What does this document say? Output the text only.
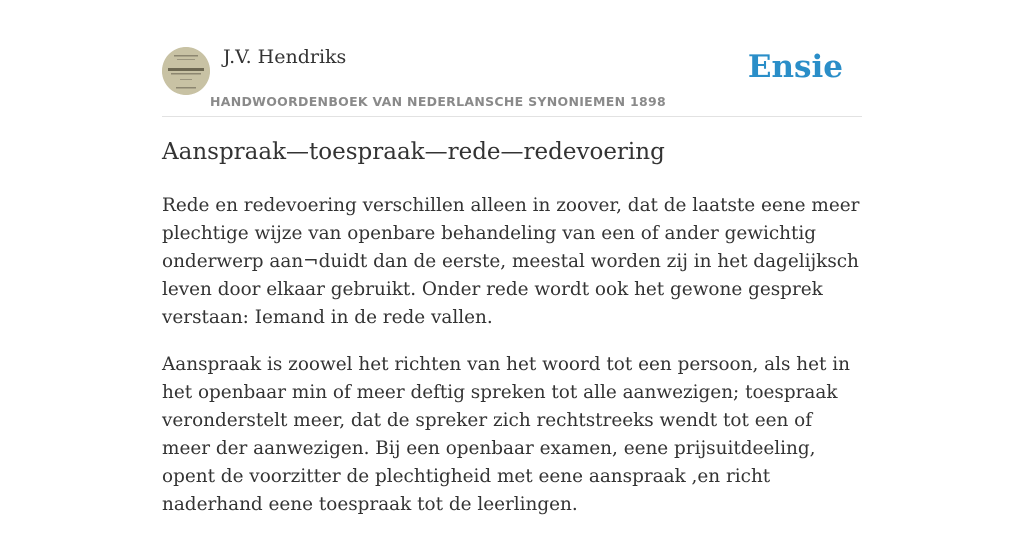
J.V. Hendriks
HANDWOORDENBOEK VAN NEDERLANSCHE SYNONIEMEN 1898
Ensie
Aanspraak—toespraak—rede—redevoering

Rede en redevoering verschillen alleen in zoover, dat de laatste eene meer plechtige wijze van openbare behandeling van een of ander gewichtig onderwerp aan¬duidt dan de eerste, meestal worden zij in het dagelijksch leven door elkaar gebruikt. Onder rede wordt ook het gewone gesprek verstaan: Iemand in de rede vallen.

Aanspraak is zoowel het richten van het woord tot een persoon, als het in het openbaar min of meer deftig spreken tot alle aanwezigen; toespraak veronderstelt meer, dat de spreker zich rechtstreeks wendt tot een of meer der aanwezigen. Bij een openbaar examen, eene prijsuitdeeling, opent de voorzitter de plechtigheid met eene aanspraak ,en richt naderhand eene toespraak tot de leerlingen.
